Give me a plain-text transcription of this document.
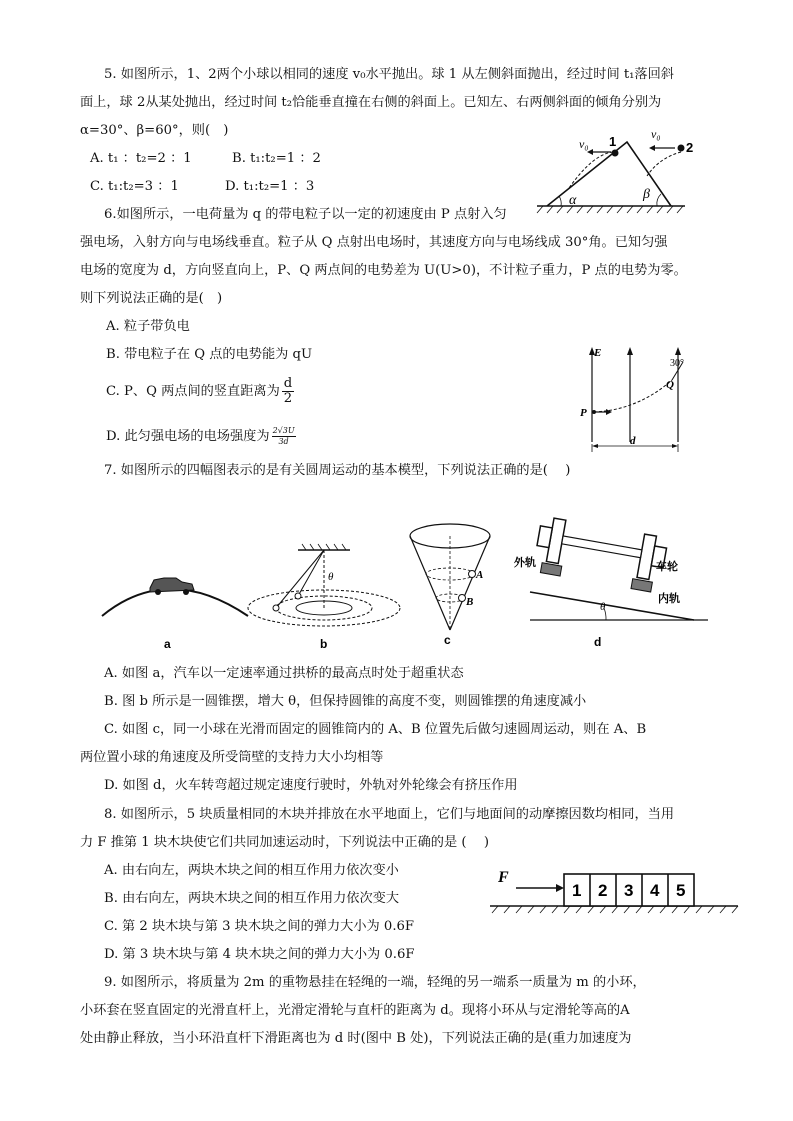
5. 如图所示，1、2两个小球以相同的速度 v₀水平抛出。球 1 从左侧斜面抛出，经过时间 t₁落回斜
面上，球 2从某处抛出，经过时间 t₂恰能垂直撞在右侧的斜面上。已知左、右两侧斜面的倾角分别为
α=30°、β=60°，则(　)
A. t₁ ：t₂=2 ：1	B. t₁:t₂=1 ：2
C. t₁:t₂=3 ：1	D. t₁:t₂=1 ：3
v₀
v₀
1	2
α	β
6.如图所示，一电荷量为 q 的带电粒子以一定的初速度由 P 点射入匀
强电场，入射方向与电场线垂直。粒子从 Q 点射出电场时，其速度方向与电场线成 30°角。已知匀强
电场的宽度为 d，方向竖直向上，P、Q 两点间的电势差为 U(U>0)，不计粒子重力，P 点的电势为零。
则下列说法正确的是(　)
A. 粒子带负电
B. 带电粒子在 Q 点的电势能为 qU
C. P、Q 两点间的竖直距离为 $\frac{d}{2}$
D. 此匀强电场的电场强度为 $\frac{2√3U}{3d}$
E
P
Q
30°
d
7. 如图所示的四幅图表示的是有关圆周运动的基本模型，下列说法正确的是(　 )
a
θ
b
A
B
c
θ
外轨	车轮
内轨
d
A. 如图 a，汽车以一定速率通过拱桥的最高点时处于超重状态
B. 图 b 所示是一圆锥摆，增大 θ，但保持圆锥的高度不变，则圆锥摆的角速度减小
C. 如图 c，同一小球在光滑而固定的圆锥筒内的 A、B 位置先后做匀速圆周运动，则在 A、B
两位置小球的角速度及所受筒壁的支持力大小均相等
D. 如图 d，火车转弯超过规定速度行驶时，外轨对外轮缘会有挤压作用
8. 如图所示，5 块质量相同的木块并排放在水平地面上，它们与地面间的动摩擦因数均相同，当用
力 F 推第 1 块木块使它们共同加速运动时，下列说法中正确的是 (　 )
A. 由右向左，两块木块之间的相互作用力依次变小
B. 由右向左，两块木块之间的相互作用力依次变大
C. 第 2 块木块与第 3 块木块之间的弹力大小为 0.6F
D. 第 3 块木块与第 4 块木块之间的弹力大小为 0.6F
F
1 2 3 4 5
9. 如图所示，将质量为 2m 的重物悬挂在轻绳的一端，轻绳的另一端系一质量为 m 的小环，
小环套在竖直固定的光滑直杆上，光滑定滑轮与直杆的距离为 d。现将小环从与定滑轮等高的A
处由静止释放，当小环沿直杆下滑距离也为 d 时(图中 B 处)，下列说法正确的是(重力加速度为
